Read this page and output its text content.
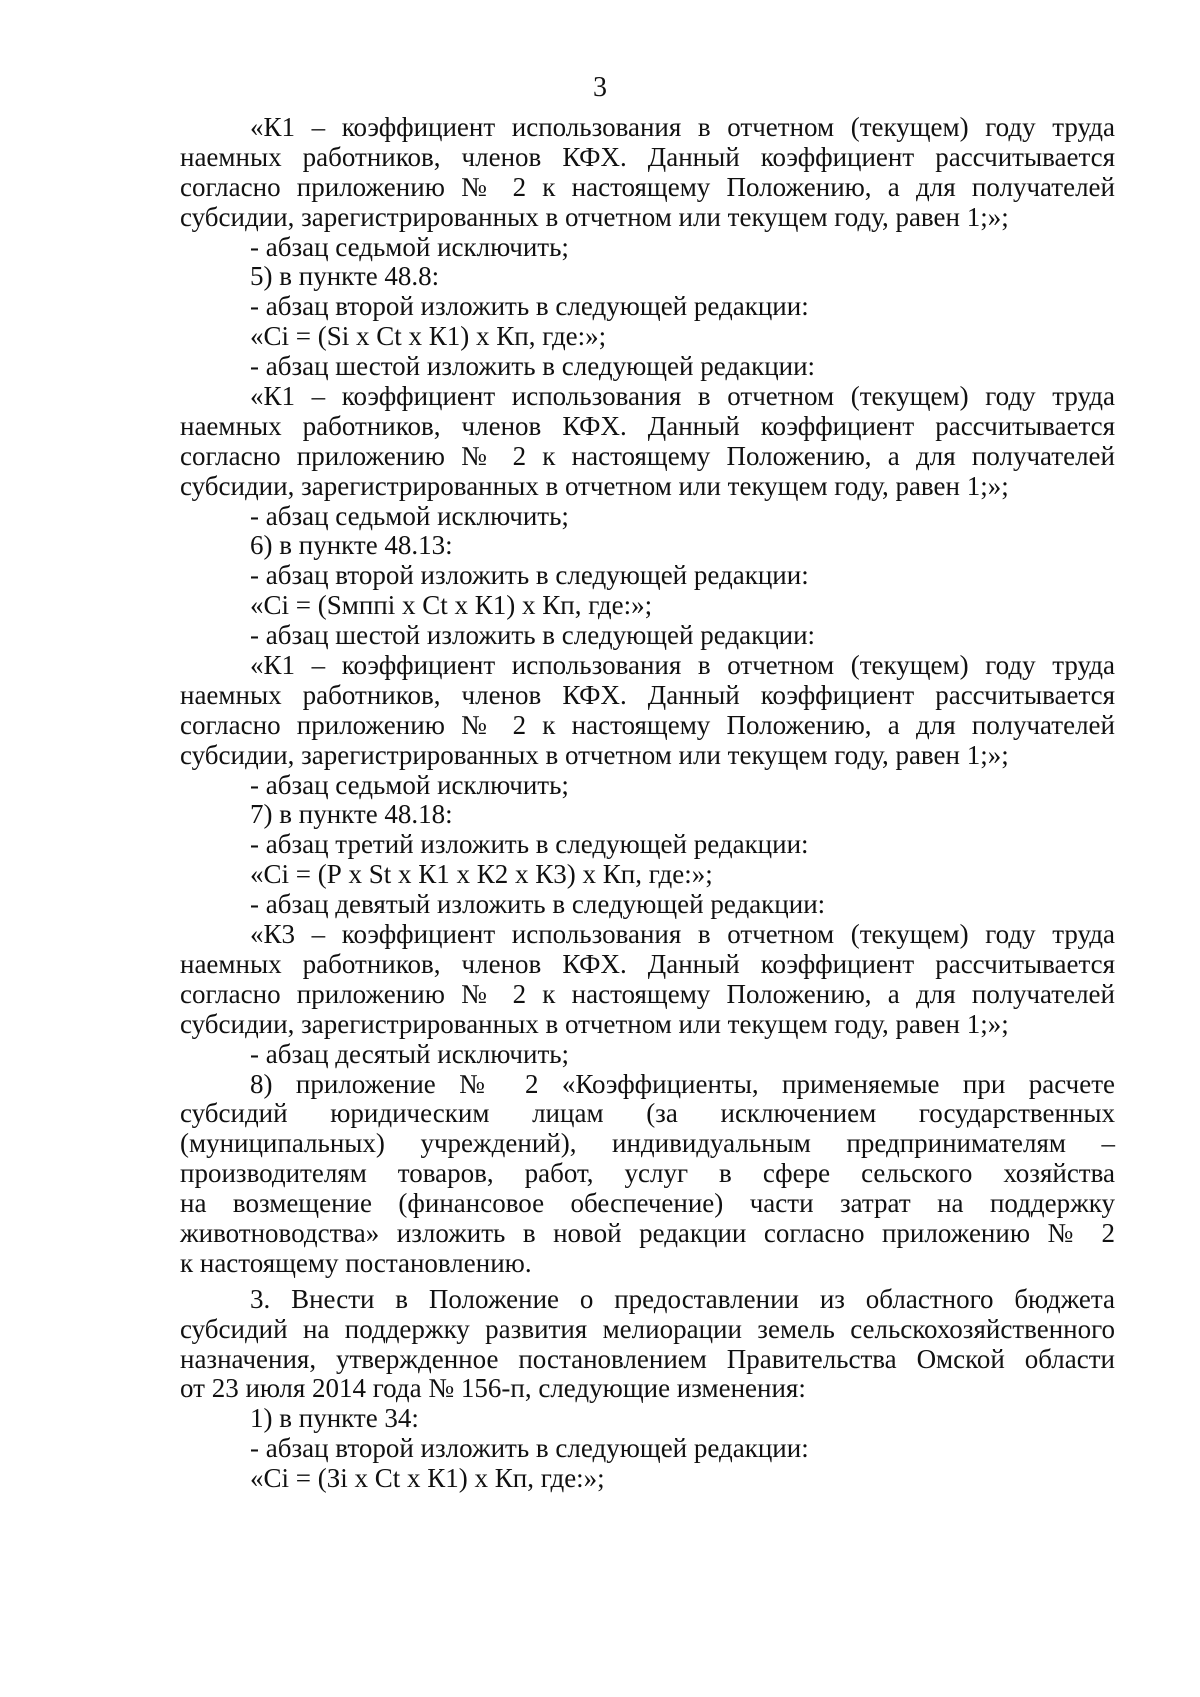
3
«К1 – коэффициент использования в отчетном (текущем) году труда
наемных работников, членов КФХ. Данный коэффициент рассчитывается
согласно приложению № 2 к настоящему Положению, а для получателей
субсидии, зарегистрированных в отчетном или текущем году, равен 1;»;
- абзац седьмой исключить;
5) в пункте 48.8:
- абзац второй изложить в следующей редакции:
«Ci = (Si х Ct х К1) х Кп, где:»;
- абзац шестой изложить в следующей редакции:
«К1 – коэффициент использования в отчетном (текущем) году труда
наемных работников, членов КФХ. Данный коэффициент рассчитывается
согласно приложению № 2 к настоящему Положению, а для получателей
субсидии, зарегистрированных в отчетном или текущем году, равен 1;»;
- абзац седьмой исключить;
6) в пункте 48.13:
- абзац второй изложить в следующей редакции:
«Ci = (Sмппi х Ct х К1) х Кп, где:»;
- абзац шестой изложить в следующей редакции:
«К1 – коэффициент использования в отчетном (текущем) году труда
наемных работников, членов КФХ. Данный коэффициент рассчитывается
согласно приложению № 2 к настоящему Положению, а для получателей
субсидии, зарегистрированных в отчетном или текущем году, равен 1;»;
- абзац седьмой исключить;
7) в пункте 48.18:
- абзац третий изложить в следующей редакции:
«Ci = (Р х St х К1 х К2 х К3) х Кп, где:»;
- абзац девятый изложить в следующей редакции:
«К3 – коэффициент использования в отчетном (текущем) году труда
наемных работников, членов КФХ. Данный коэффициент рассчитывается
согласно приложению № 2 к настоящему Положению, а для получателей
субсидии, зарегистрированных в отчетном или текущем году, равен 1;»;
- абзац десятый исключить;
8) приложение № 2 «Коэффициенты, применяемые при расчете
субсидий юридическим лицам (за исключением государственных
(муниципальных) учреждений), индивидуальным предпринимателям –
производителям товаров, работ, услуг в сфере сельского хозяйства
на возмещение (финансовое обеспечение) части затрат на поддержку
животноводства» изложить в новой редакции согласно приложению № 2
к настоящему постановлению.
3. Внести в Положение о предоставлении из областного бюджета
субсидий на поддержку развития мелиорации земель сельскохозяйственного
назначения, утвержденное постановлением Правительства Омской области
от 23 июля 2014 года № 156-п, следующие изменения:
1) в пункте 34:
- абзац второй изложить в следующей редакции:
«Ci = (Зi х Ct х К1) х Кп, где:»;
